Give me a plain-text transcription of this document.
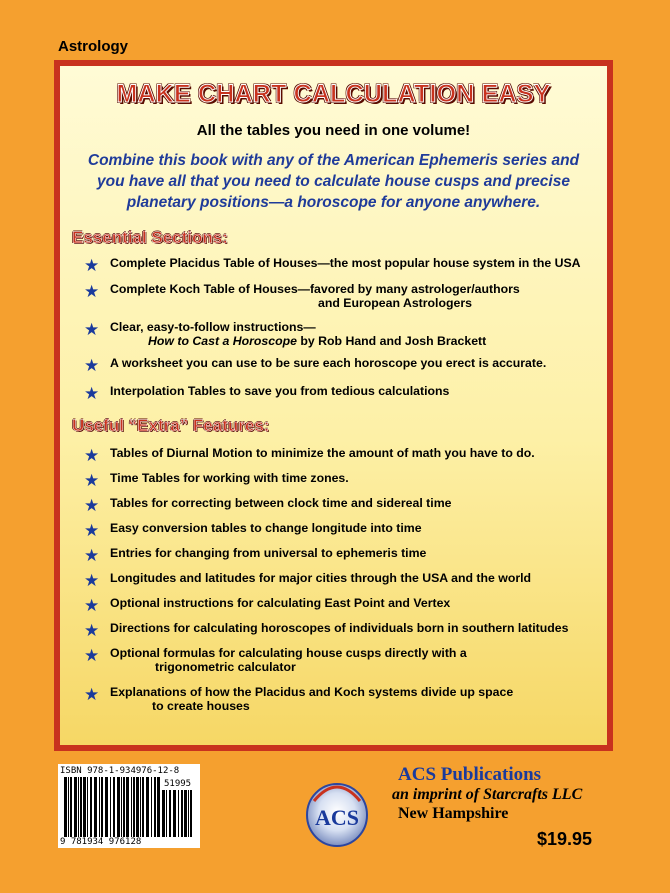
Astrology
MAKE CHART CALCULATION EASY
All the tables you need in one volume!
Combine this book with any of the American Ephemeris series and
you have all that you need to calculate house cusps and precise
planetary positions—a horoscope for anyone anywhere.
Essential Sections:
★ Complete Placidus Table of Houses—the most popular house system in the USA
★ Complete Koch Table of Houses—favored by many astrologer/authors
and European Astrologers
★ Clear, easy-to-follow instructions—
How to Cast a Horoscope by Rob Hand and Josh Brackett
★ A worksheet you can use to be sure each horoscope you erect is accurate.
★ Interpolation Tables to save you from tedious calculations
Useful “Extra” Features:
★ Tables of Diurnal Motion to minimize the amount of math you have to do.
★ Time Tables for working with time zones.
★ Tables for correcting between clock time and sidereal time
★ Easy conversion tables to change longitude into time
★ Entries for changing from universal to ephemeris time
★ Longitudes and latitudes for major cities through the USA and the world
★ Optional instructions for calculating East Point and Vertex
★ Directions for calculating horoscopes of individuals born in southern latitudes
★ Optional formulas for calculating house cusps directly with a
trigonometric calculator
★ Explanations of how the Placidus and Koch systems divide up space
to create houses
ISBN 978-1-934976-12-8
51995
9 781934 976128
ACS
ACS Publications
an imprint of Starcrafts LLC
New Hampshire
$19.95
